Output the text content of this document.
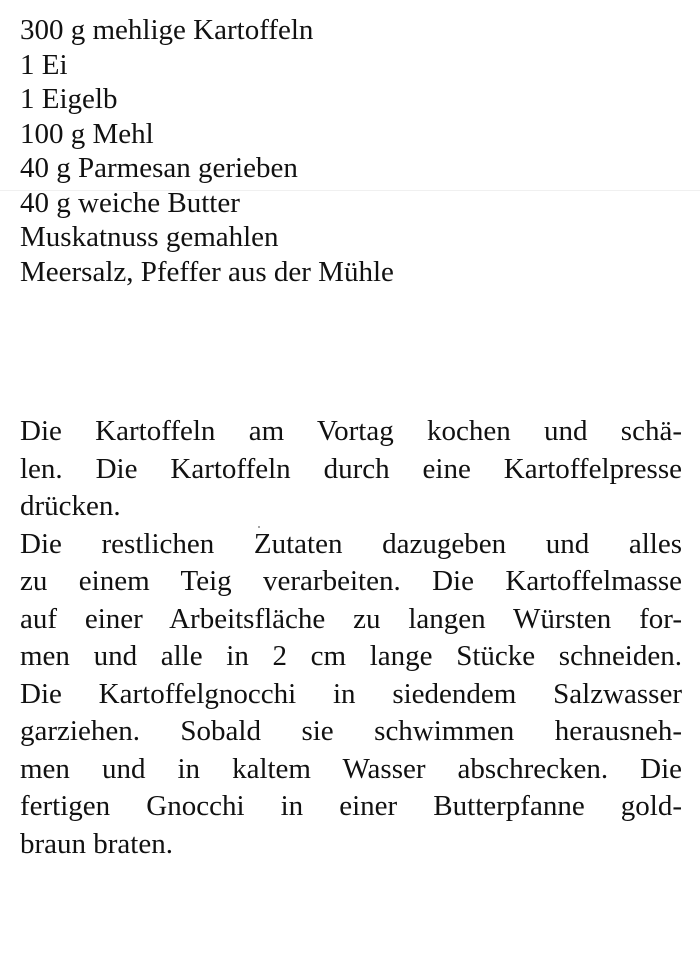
300 g mehlige Kartoffeln
1 Ei
1 Eigelb
100 g Mehl
40 g Parmesan gerieben
40 g weiche Butter
Muskatnuss gemahlen
Meersalz, Pfeffer aus der Mühle

Die Kartoffeln am Vortag kochen und schä-
len. Die Kartoffeln durch eine Kartoffelpresse
drücken.

Die restlichen Zutaten dazugeben und alles
zu einem Teig verarbeiten. Die Kartoffelmasse
auf einer Arbeitsfläche zu langen Würsten for-
men und alle in 2 cm lange Stücke schneiden.
Die Kartoffelgnocchi in siedendem Salzwasser
garziehen. Sobald sie schwimmen herausneh-
men und in kaltem Wasser abschrecken. Die
fertigen Gnocchi in einer Butterpfanne gold-
braun braten.
